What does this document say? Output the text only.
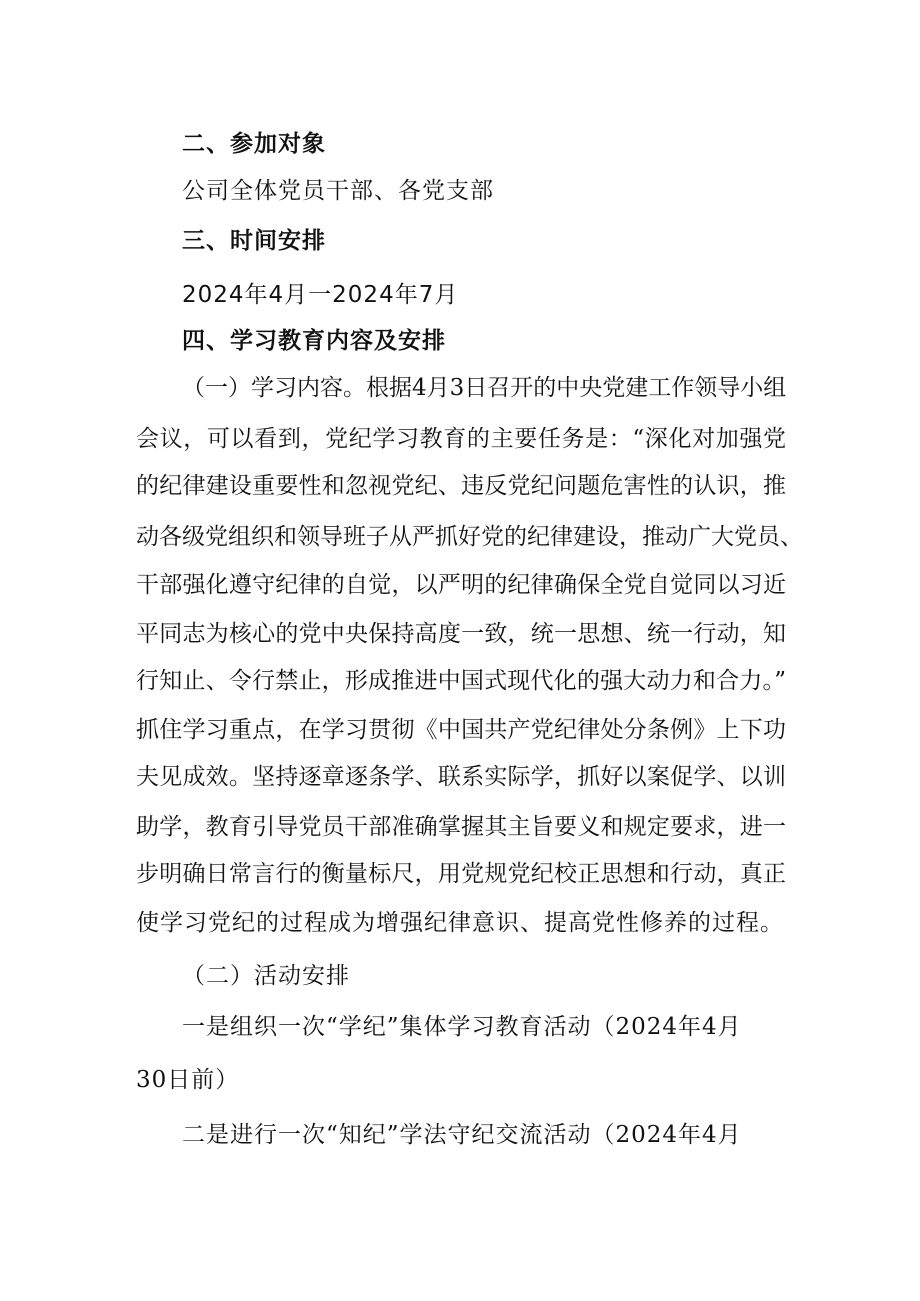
二、参加对象
公司全体党员干部、各党支部
三、时间安排
2024年4月一2024年7月
四、学习教育内容及安排
（一）学习内容。根据4月3日召开的中央党建工作领导小组
会议，可以看到，党纪学习教育的主要任务是：“深化对加强党
的纪律建设重要性和忽视党纪、违反党纪问题危害性的认识，推
动各级党组织和领导班子从严抓好党的纪律建设，推动广大党员、
干部强化遵守纪律的自觉，以严明的纪律确保全党自觉同以习近
平同志为核心的党中央保持高度一致，统一思想、统一行动，知
行知止、令行禁止，形成推进中国式现代化的强大动力和合力。”
抓住学习重点，在学习贯彻《中国共产党纪律处分条例》上下功
夫见成效。坚持逐章逐条学、联系实际学，抓好以案促学、以训
助学，教育引导党员干部准确掌握其主旨要义和规定要求，进一
步明确日常言行的衡量标尺，用党规党纪校正思想和行动，真正
使学习党纪的过程成为增强纪律意识、提高党性修养的过程。
（二）活动安排
一是组织一次“学纪”集体学习教育活动（2024年4月
30日前）
二是进行一次“知纪”学法守纪交流活动（2024年4月
